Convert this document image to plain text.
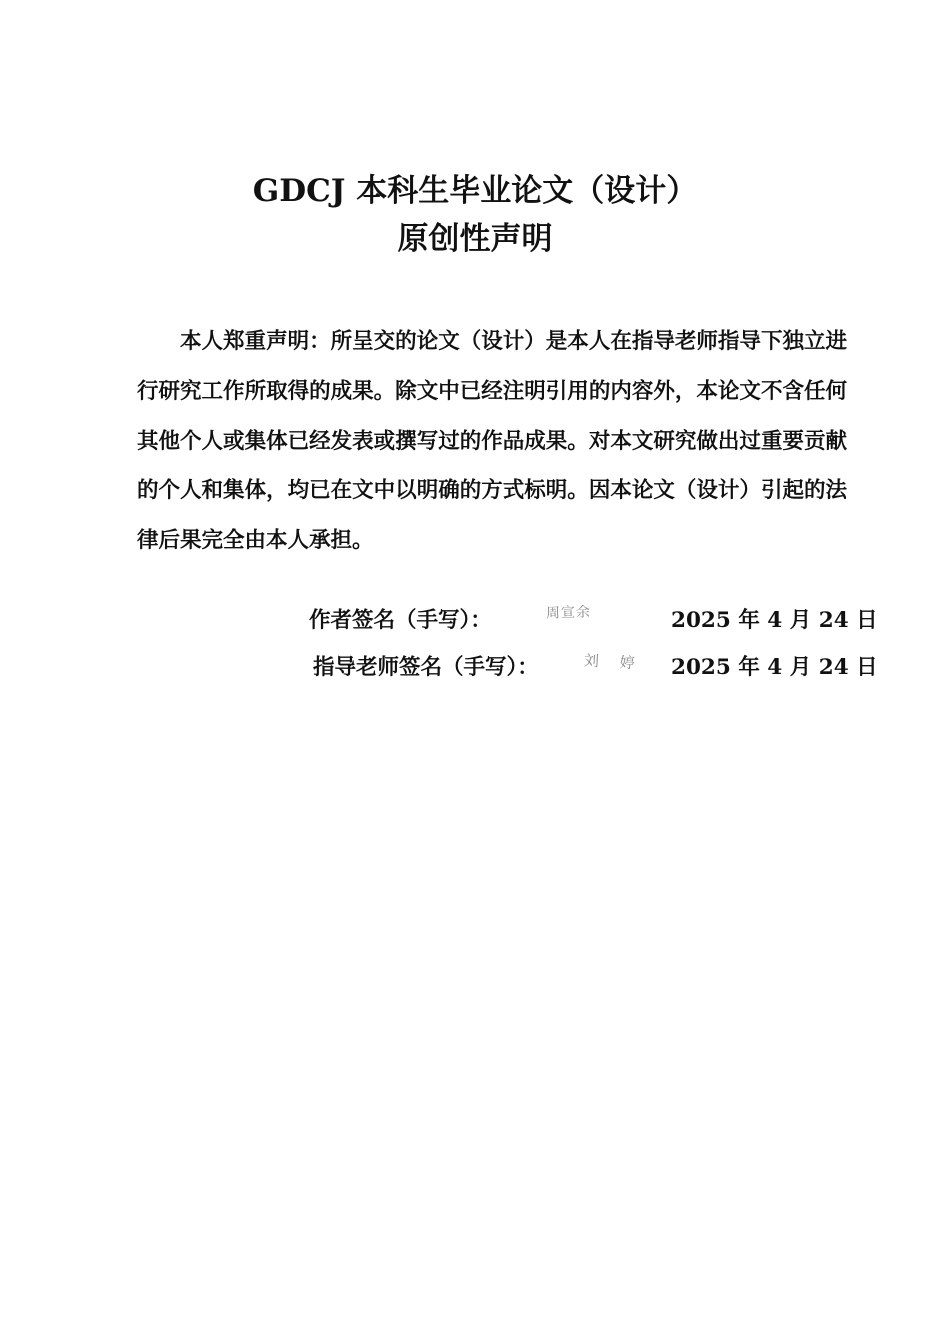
GDCJ 本科生毕业论文（设计）
原创性声明

本人郑重声明：所呈交的论文（设计）是本人在指导老师指导下独立进行研究工作所取得的成果。除文中已经注明引用的内容外，本论文不含任何其他个人或集体已经发表或撰写过的作品成果。对本文研究做出过重要贡献的个人和集体，均已在文中以明确的方式标明。因本论文（设计）引起的法律后果完全由本人承担。

作者签名（手写）：	周宣余	2025 年 4 月 24 日
指导老师签名（手写）：	刘 婷 2025 年 4 月 24 日
